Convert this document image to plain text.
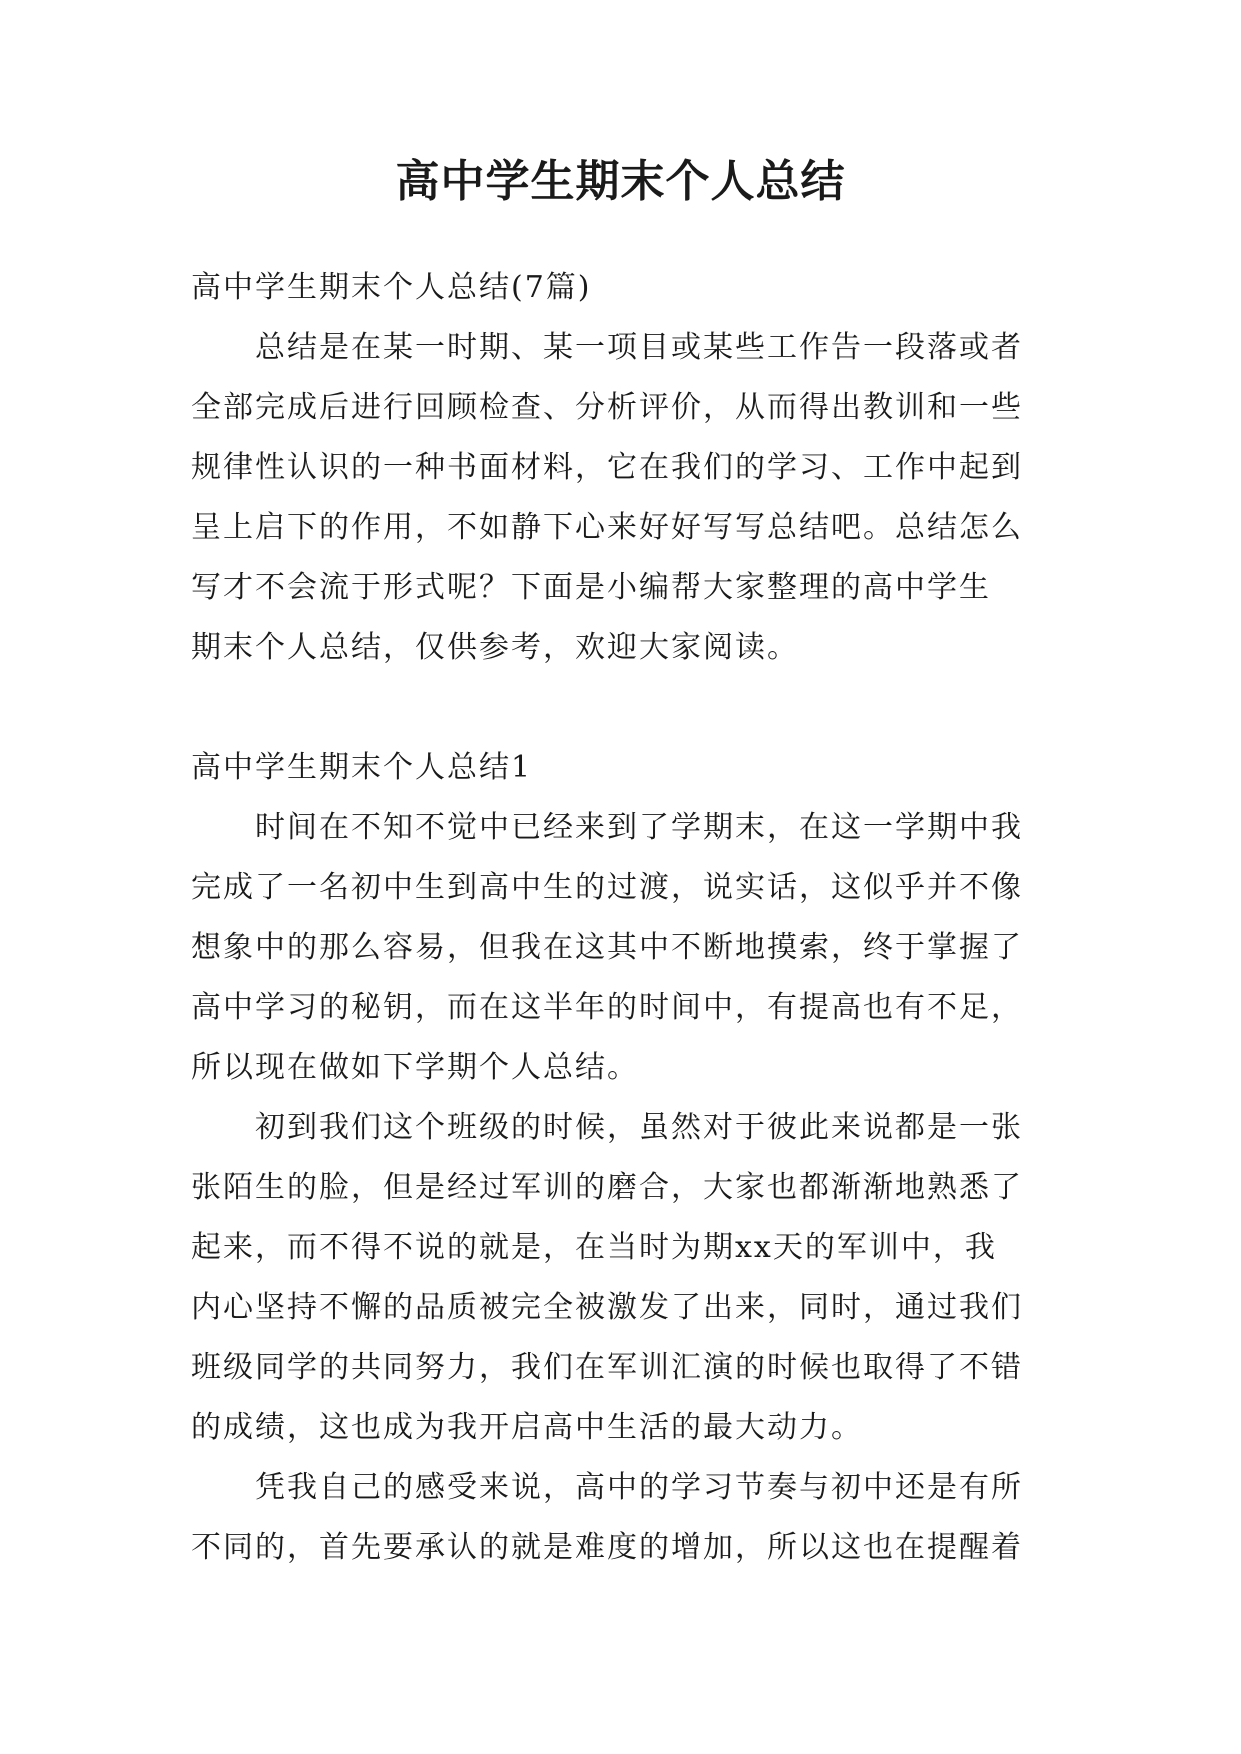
高中学生期末个人总结

高中学生期末个人总结(7篇)

总结是在某一时期、某一项目或某些工作告一段落或者

全部完成后进行回顾检查、分析评价，从而得出教训和一些

规律性认识的一种书面材料，它在我们的学习、工作中起到

呈上启下的作用，不如静下心来好好写写总结吧。总结怎么

写才不会流于形式呢？下面是小编帮大家整理的高中学生

期末个人总结，仅供参考，欢迎大家阅读。

高中学生期末个人总结1

时间在不知不觉中已经来到了学期末，在这一学期中我

完成了一名初中生到高中生的过渡，说实话，这似乎并不像

想象中的那么容易，但我在这其中不断地摸索，终于掌握了

高中学习的秘钥，而在这半年的时间中，有提高也有不足，

所以现在做如下学期个人总结。

初到我们这个班级的时候，虽然对于彼此来说都是一张

张陌生的脸，但是经过军训的磨合，大家也都渐渐地熟悉了

起来，而不得不说的就是，在当时为期xx天的军训中，我

内心坚持不懈的品质被完全被激发了出来，同时，通过我们

班级同学的共同努力，我们在军训汇演的时候也取得了不错

的成绩，这也成为我开启高中生活的最大动力。

凭我自己的感受来说，高中的学习节奏与初中还是有所

不同的，首先要承认的就是难度的增加，所以这也在提醒着
